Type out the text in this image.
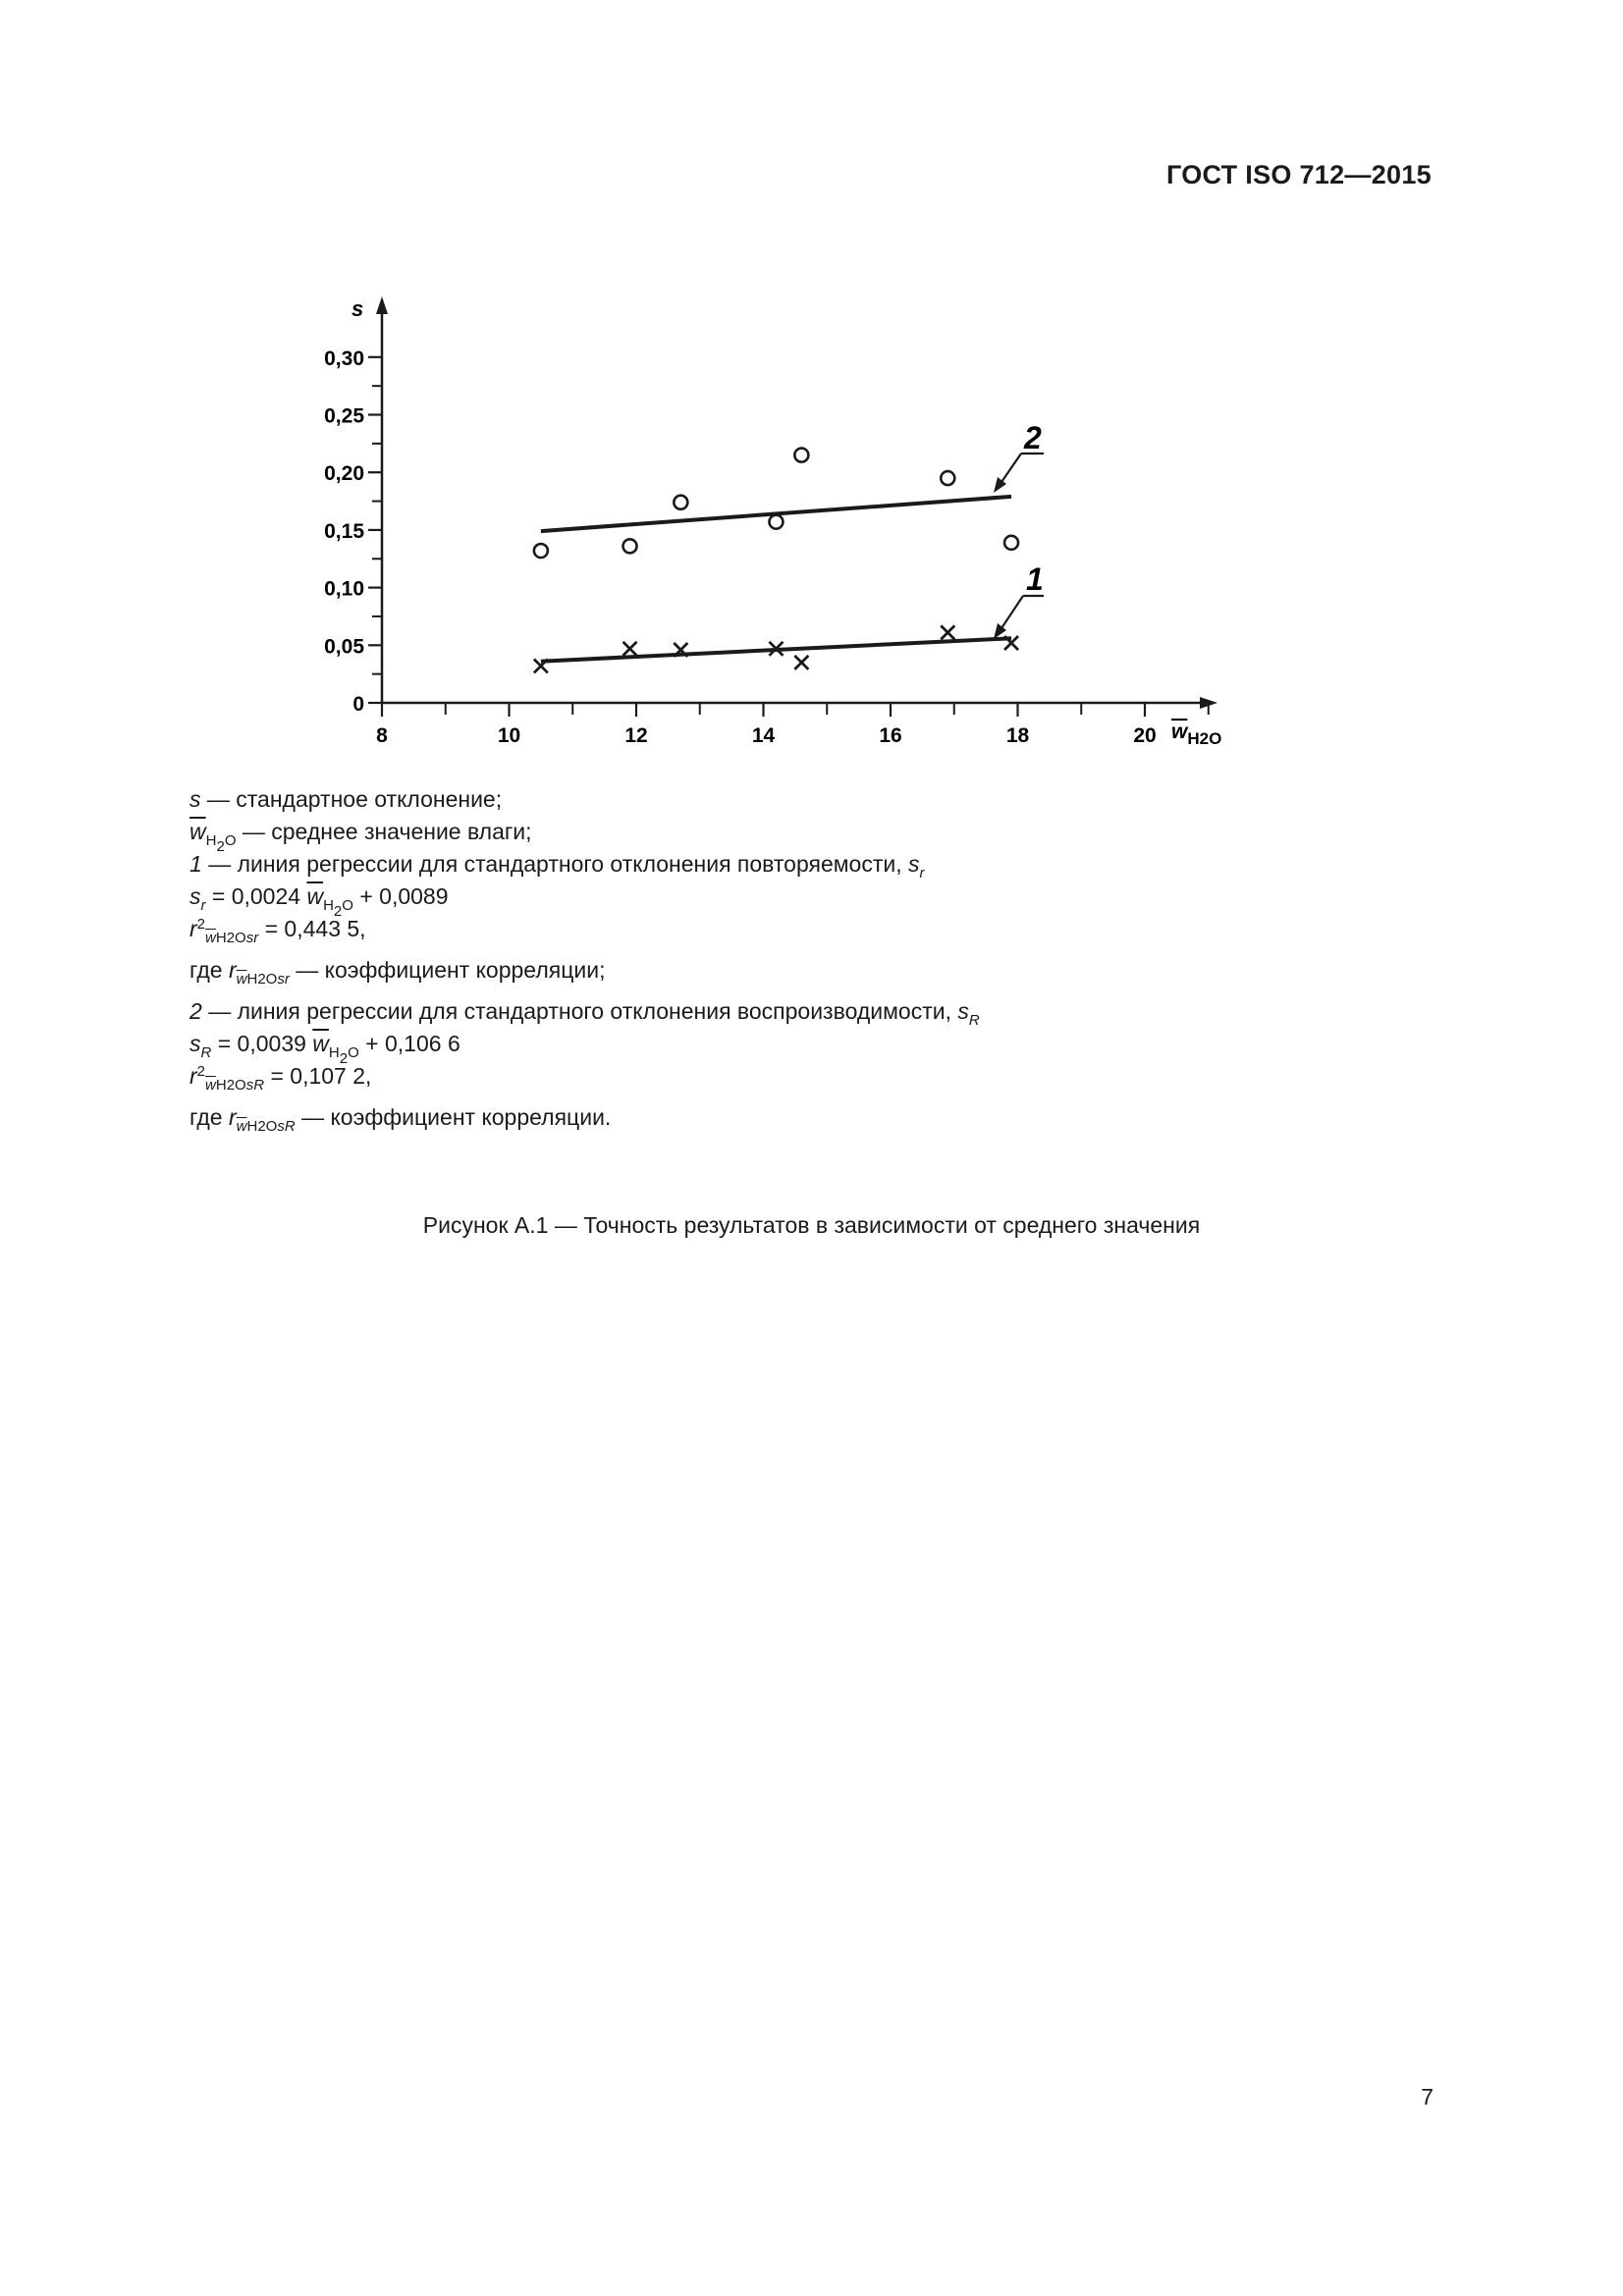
ГОСТ ISO 712—2015
s
$w_{H2O}$
0
0,05
0,10
0,15
0,20
0,25
0,30
8	10	12	14	16	18	20
2
1
s — стандартное отклонение;
$\overline{w}_{H_2O}$ — среднее значение влаги;
1 — линия регрессии для стандартного отклонения повторяемости, $s_r$
$s_r = 0,0024$ $\overline{w}_{H_2O} + 0,0089$
$r^2_{\overline{w}H2Osr} = 0,443$ 5,
где $r_{\overline{w}H2Osr}$ — коэффициент корреляции;
2 — линия регрессии для стандартного отклонения воспроизводимости, $s_R$
$s_R = 0,0039$ $\overline{w}_{H_2O} + 0,106$ 6
$r^2_{\overline{w}H2OsR} = 0,107$ 2,
где $r_{\overline{w}H2OsR}$ — коэффициент корреляции.
Рисунок А.1 — Точность результатов в зависимости от среднего значения
7
